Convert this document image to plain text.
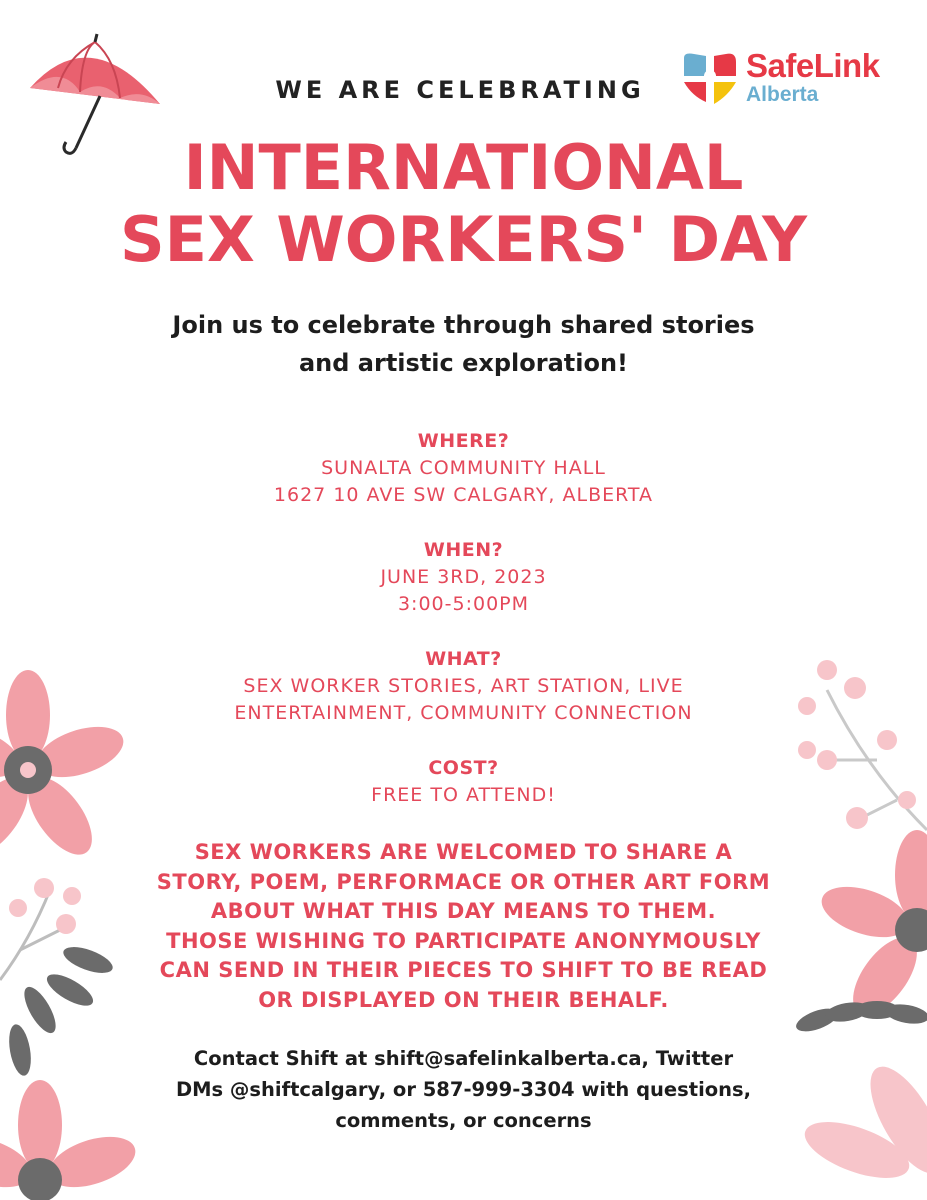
SafeLink
Alberta
WE ARE CELEBRATING
INTERNATIONAL
SEX WORKERS' DAY
Join us to celebrate through shared stories
and artistic exploration!
WHERE?
SUNALTA COMMUNITY HALL
1627 10 AVE SW CALGARY, ALBERTA
WHEN?
JUNE 3RD, 2023
3:00-5:00PM
WHAT?
SEX WORKER STORIES, ART STATION, LIVE
ENTERTAINMENT, COMMUNITY CONNECTION
COST?
FREE TO ATTEND!
SEX WORKERS ARE WELCOMED TO SHARE A
STORY, POEM, PERFORMACE OR OTHER ART FORM
ABOUT WHAT THIS DAY MEANS TO THEM.
THOSE WISHING TO PARTICIPATE ANONYMOUSLY
CAN SEND IN THEIR PIECES TO SHIFT TO BE READ
OR DISPLAYED ON THEIR BEHALF.
Contact Shift at shift@safelinkalberta.ca, Twitter
DMs @shiftcalgary, or 587-999-3304 with questions,
comments, or concerns
